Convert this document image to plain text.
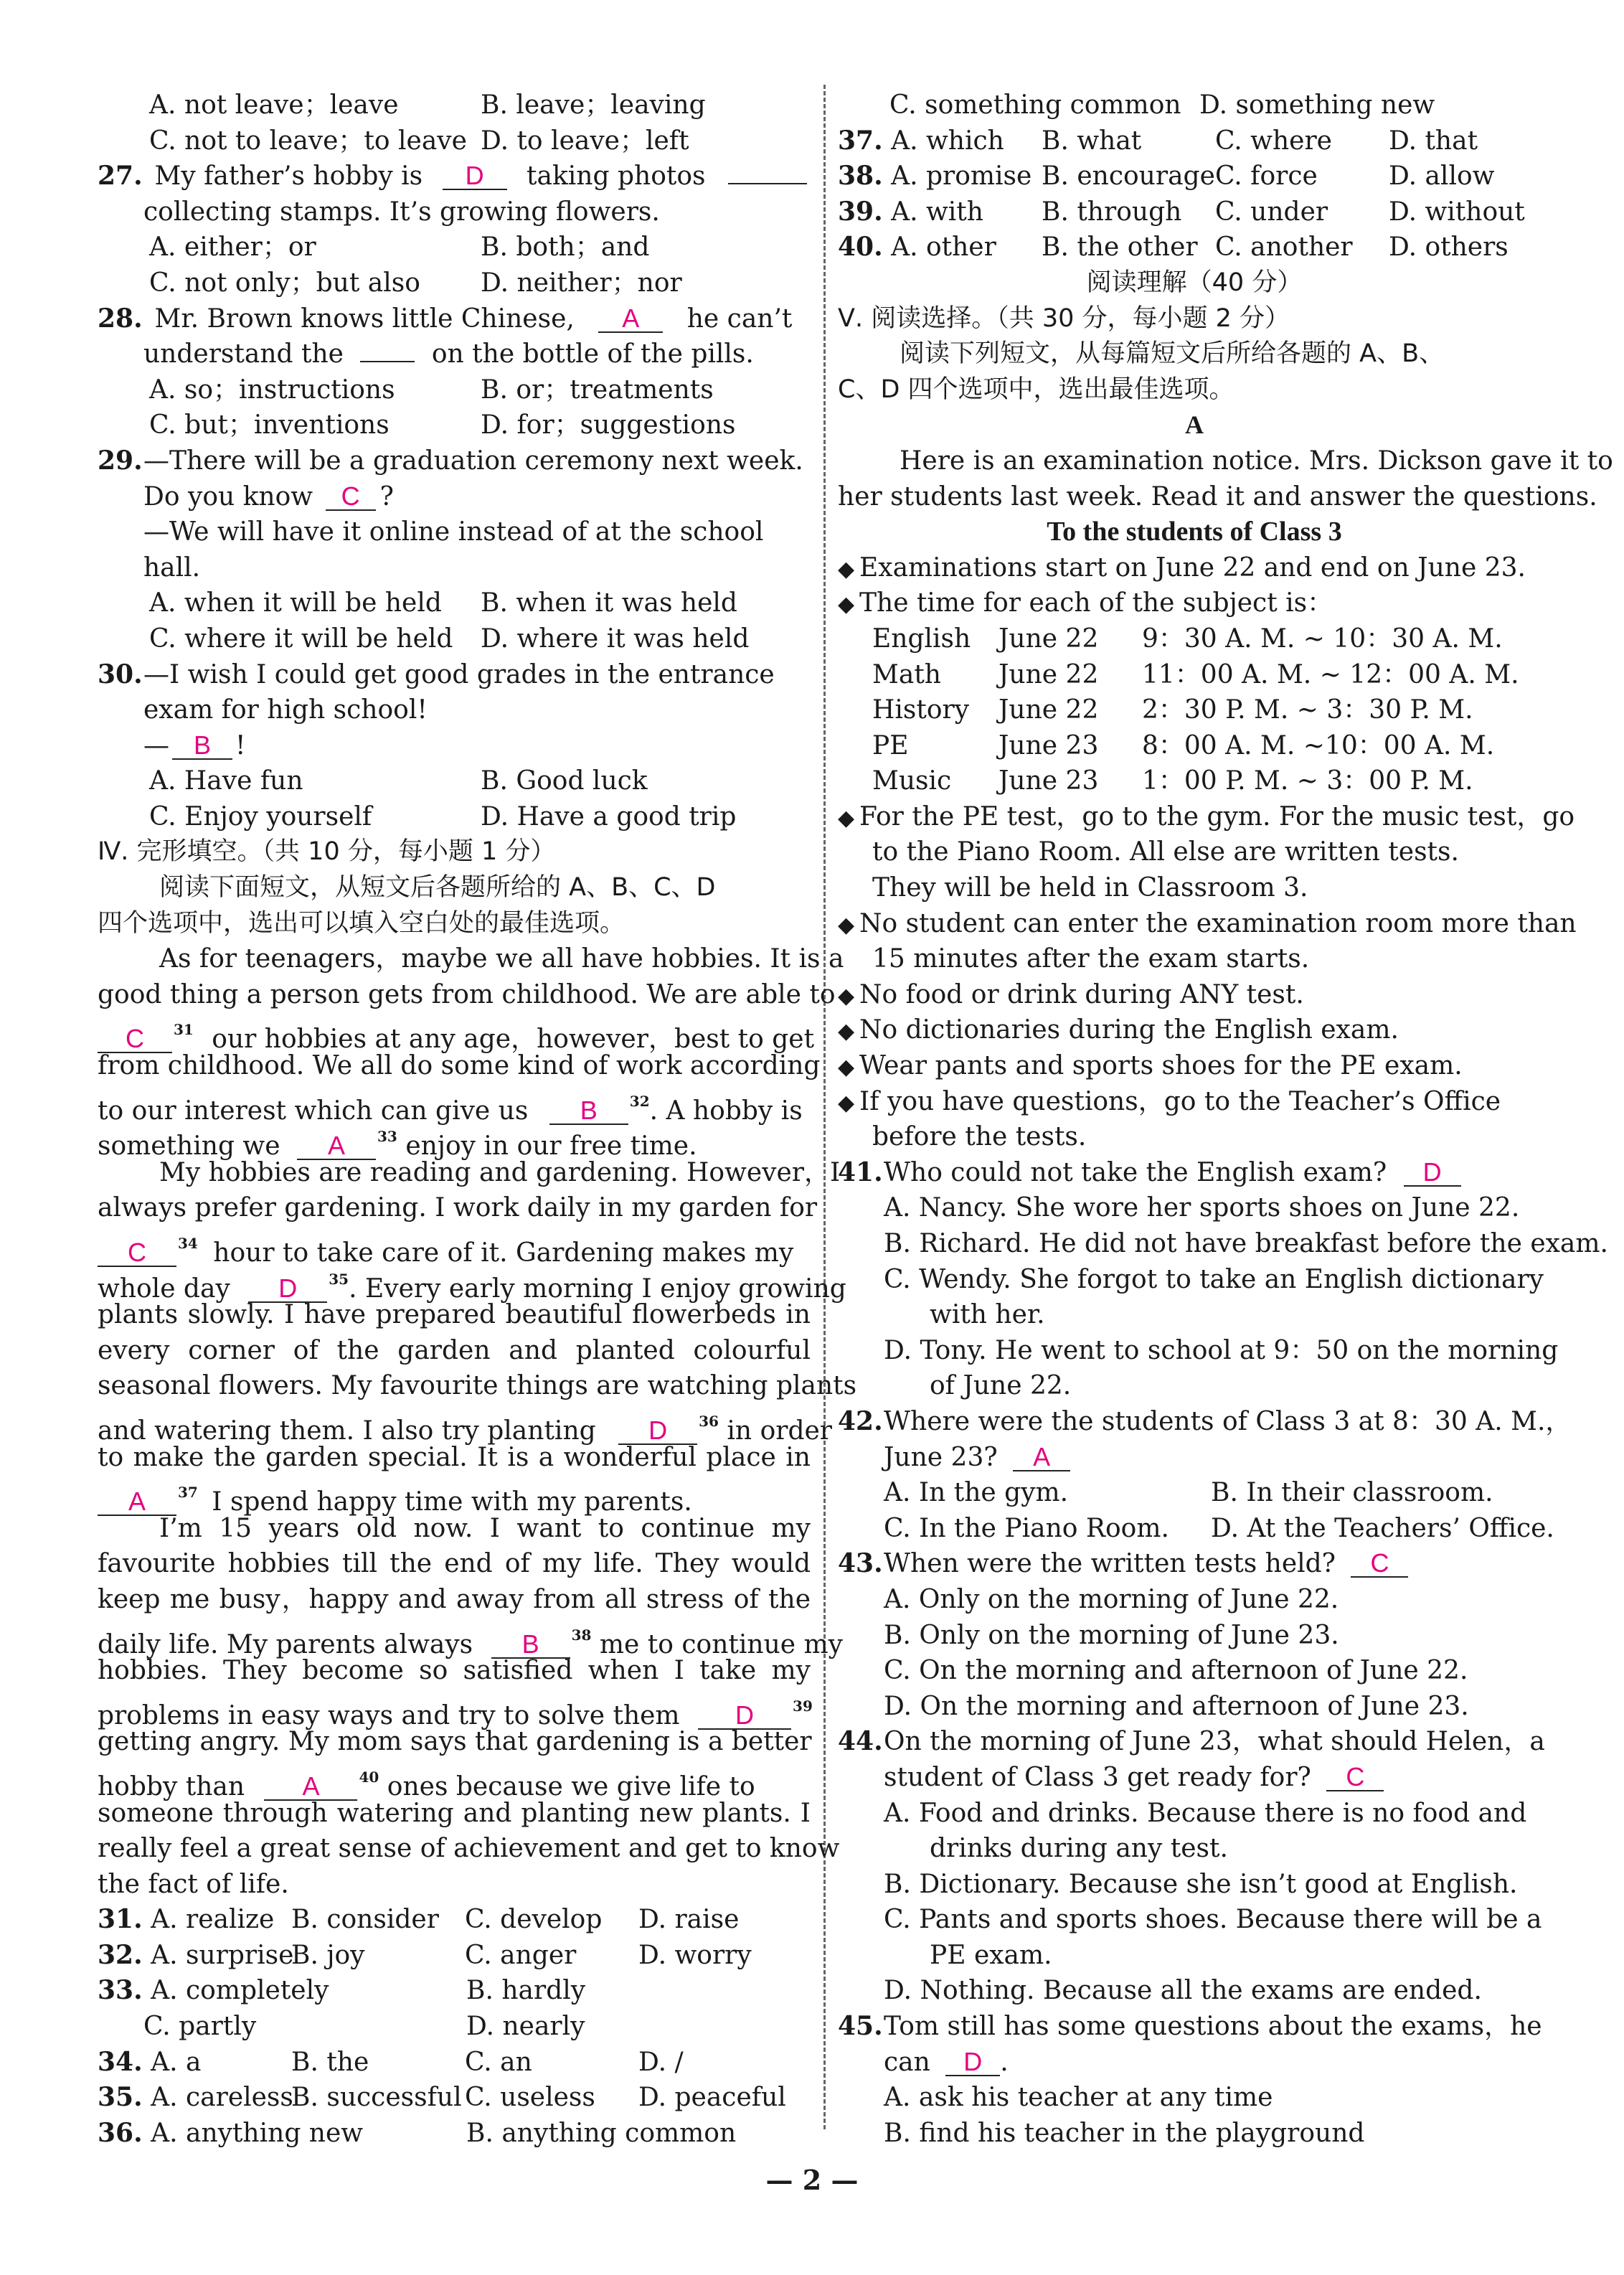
A. not leave；leave	B. leave；leaving
C. not to leave；to leave D. to leave；left
27. My father’s hobby is D taking photos
collecting stamps. It’s growing flowers.
A. either；or	B. both；and
C. not only；but also	D. neither；nor
28. Mr. Brown knows little Chinese, A he can’t
understand the	on the bottle of the pills.
A. so；instructions	B. or；treatments
C. but；inventions	D. for；suggestions
29.—There will be a graduation ceremony next week.
Do you know C ?
—We will have it online instead of at the school
hall.
A. when it will be held	B. when it was held
C. where it will be held	D. where it was held
30.—I wish I could get good grades in the entrance
exam for high school!
— B !
A. Have fun	B. Good luck
C. Enjoy yourself	D. Have a good trip
Ⅳ. 完形填空。（共 10 分，每小题 1 分）
阅读下面短文，从短文后各题所给的 A、B、C、D
四个选项中，选出可以填入空白处的最佳选项。
As for teenagers，maybe we all have hobbies. It is a
good thing a person gets from childhood. We are able to
C $^{31}$ our hobbies at any age，however，best to get
from childhood. We all do some kind of work according
to our interest which can give us B $^{32}$. A hobby is
something we A $^{33}$ enjoy in our free time.
My hobbies are reading and gardening. However，I
always prefer gardening. I work daily in my garden for
C $^{34}$ hour to take care of it. Gardening makes my
whole day D $^{35}$. Every early morning I enjoy growing
plants slowly. I have prepared beautiful flowerbeds in
every corner of the garden and planted colourful
seasonal flowers. My favourite things are watching plants
and watering them. I also try planting D $^{36}$ in order
to make the garden special. It is a wonderful place in
A $^{37}$ I spend happy time with my parents.
I’m 15 years old now. I want to continue my
favourite hobbies till the end of my life. They would
keep me busy，happy and away from all stress of the
daily life. My parents always B $^{38}$ me to continue my
hobbies. They become so satisfied when I take my
problems in easy ways and try to solve them D	$^{39}$
getting angry. My mom says that gardening is a better
hobby than A	$^{40}$ ones because we give life to
someone through watering and planting new plants. I
really feel a great sense of achievement and get to know
the fact of life.
31. A. realize B. consider	C. develop	D. raise
32. A. surprise
B. joy	C. anger	D. worry
33. A. completely	B. hardly
C. partly	D. nearly
34. A. a	B. the	C. an	D. /
35. A. careless
B. successful C. useless	D. peaceful
36. A. anything new	B. anything common
C. something common D. something new
37. A. which	B. what	C. where	D. that
38. A. promise B. encourage C. force	D. allow
39. A. with	B. through	C. under	D. without
40. A. other	B. the other C. another	D. others
阅读理解（40 分）
Ⅴ. 阅读选择。（共 30 分，每小题 2 分）
阅读下列短文，从每篇短文后所给各题的 A、B、
C、D 四个选项中，选出最佳选项。
A
Here is an examination notice. Mrs. Dickson gave it to
her students last week. Read it and answer the questions.
To the students of Class 3
◆ Examinations start on June 22 and end on June 23.
◆ The time for each of the subject is：
English	June 22	9：30 A. M. ~ 10：30 A. M.
Math	June 22	11：00 A. M. ~ 12：00 A. M.
History	June 22	2：30 P. M. ~ 3：30 P. M.
PE	June 23	8：00 A. M. ~10：00 A. M.
Music	June 23	1：00 P. M. ~ 3：00 P. M.
◆ For the PE test，go to the gym. For the music test，go
to the Piano Room. All else are written tests.
They will be held in Classroom 3.
◆ No student can enter the examination room more than
15 minutes after the exam starts.
◆ No food or drink during ANY test.
◆ No dictionaries during the English exam.
◆ Wear pants and sports shoes for the PE exam.
◆ If you have questions，go to the Teacher’s Office
before the tests.
41.Who could not take the English exam? D
A. Nancy. She wore her sports shoes on June 22.
B. Richard. He did not have breakfast before the exam.
C. Wendy. She forgot to take an English dictionary
with her.
D. Tony. He went to school at 9：50 on the morning
of June 22.
42.Where were the students of Class 3 at 8：30 A. M.，
June 23? A
A. In the gym.	B. In their classroom.
C. In the Piano Room.	D. At the Teachers’ Office.
43.When were the written tests held? C
A. Only on the morning of June 22.
B. Only on the morning of June 23.
C. On the morning and afternoon of June 22.
D. On the morning and afternoon of June 23.
44.On the morning of June 23，what should Helen，a
student of Class 3 get ready for? C
A. Food and drinks. Because there is no food and
drinks during any test.
B. Dictionary. Because she isn’t good at English.
C. Pants and sports shoes. Because there will be a
PE exam.
D. Nothing. Because all the exams are ended.
45.Tom still has some questions about the exams，he
can D .
A. ask his teacher at any time
B. find his teacher in the playground
— 2 —
